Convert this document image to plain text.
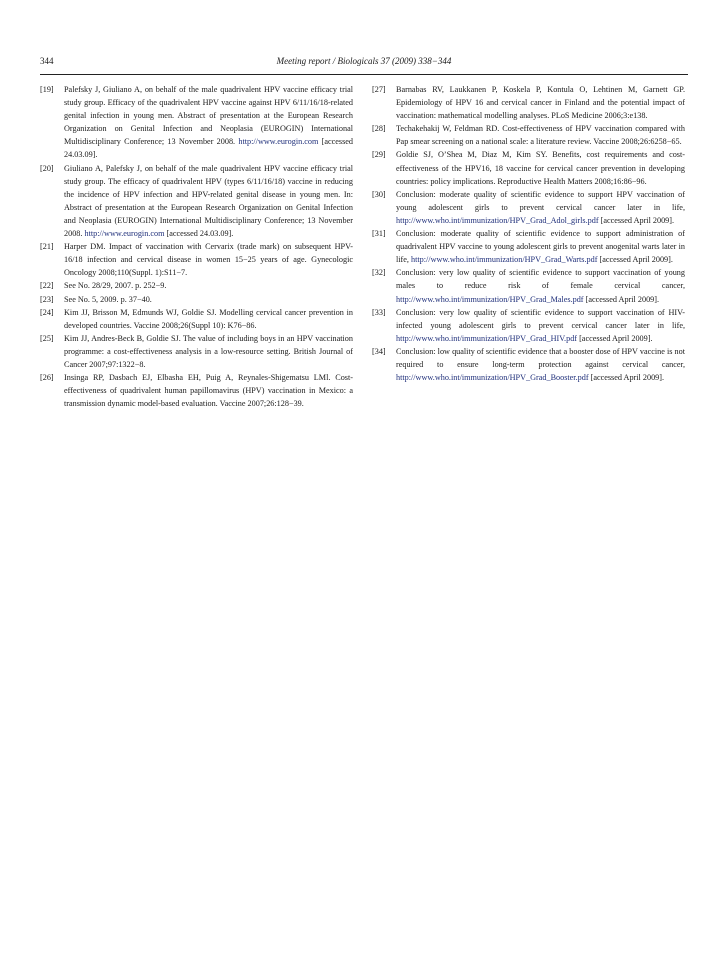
344	Meeting report / Biologicals 37 (2009) 338−344
[19] Palefsky J, Giuliano A, on behalf of the male quadrivalent HPV vaccine efficacy trial study group. Efficacy of the quadrivalent HPV vaccine against HPV 6/11/16/18-related genital infection in young men. Abstract of presentation at the European Research Organization on Genital Infection and Neoplasia (EUROGIN) International Multidisciplinary Conference; 13 November 2008. http://www.eurogin.com [accessed 24.03.09].
[20] Giuliano A, Palefsky J, on behalf of the male quadrivalent HPV vaccine efficacy trial study group. The efficacy of quadrivalent HPV (types 6/11/16/18) vaccine in reducing the incidence of HPV infection and HPV-related genital disease in young men. In: Abstract of presentation at the European Research Organization on Genital Infection and Neoplasia (EUROGIN) International Multidisciplinary Conference; 13 November 2008. http://www.eurogin.com [accessed 24.03.09].
[21] Harper DM. Impact of vaccination with Cervarix (trade mark) on subsequent HPV-16/18 infection and cervical disease in women 15−25 years of age. Gynecologic Oncology 2008;110(Suppl. 1):S11−7.
[22] See No. 28/29, 2007. p. 252−9.
[23] See No. 5, 2009. p. 37−40.
[24] Kim JJ, Brisson M, Edmunds WJ, Goldie SJ. Modelling cervical cancer prevention in developed countries. Vaccine 2008;26(Suppl 10): K76−86.
[25] Kim JJ, Andres-Beck B, Goldie SJ. The value of including boys in an HPV vaccination programme: a cost-effectiveness analysis in a low-resource setting. British Journal of Cancer 2007;97:1322−8.
[26] Insinga RP, Dasbach EJ, Elbasha EH, Puig A, Reynales-Shigematsu LMl. Cost-effectiveness of quadrivalent human papillomavirus (HPV) vaccination in Mexico: a transmission dynamic model-based evaluation. Vaccine 2007;26:128−39.
[27] Barnabas RV, Laukkanen P, Koskela P, Kontula O, Lehtinen M, Garnett GP. Epidemiology of HPV 16 and cervical cancer in Finland and the potential impact of vaccination: mathematical modelling analyses. PLoS Medicine 2006;3:e138.
[28] Techakehakij W, Feldman RD. Cost-effectiveness of HPV vaccination compared with Pap smear screening on a national scale: a literature review. Vaccine 2008;26:6258−65.
[29] Goldie SJ, O’Shea M, Diaz M, Kim SY. Benefits, cost requirements and cost-effectiveness of the HPV16, 18 vaccine for cervical cancer prevention in developing countries: policy implications. Reproductive Health Matters 2008;16:86−96.
[30] Conclusion: moderate quality of scientific evidence to support HPV vaccination of young adolescent girls to prevent cervical cancer later in life, http://www.who.int/immunization/HPV_Grad_Adol_girls.pdf [accessed April 2009].
[31] Conclusion: moderate quality of scientific evidence to support administration of quadrivalent HPV vaccine to young adolescent girls to prevent anogenital warts later in life, http://www.who.int/immunization/HPV_Grad_Warts.pdf [accessed April 2009].
[32] Conclusion: very low quality of scientific evidence to support vaccination of young males to reduce risk of female cervical cancer, http://www.who.int/immunization/HPV_Grad_Males.pdf [accessed April 2009].
[33] Conclusion: very low quality of scientific evidence to support vaccination of HIV-infected young adolescent girls to prevent cervical cancer later in life, http://www.who.int/immunization/HPV_Grad_HIV.pdf [accessed April 2009].
[34] Conclusion: low quality of scientific evidence that a booster dose of HPV vaccine is not required to ensure long-term protection against cervical cancer, http://www.who.int/immunization/HPV_Grad_Booster.pdf [accessed April 2009].
